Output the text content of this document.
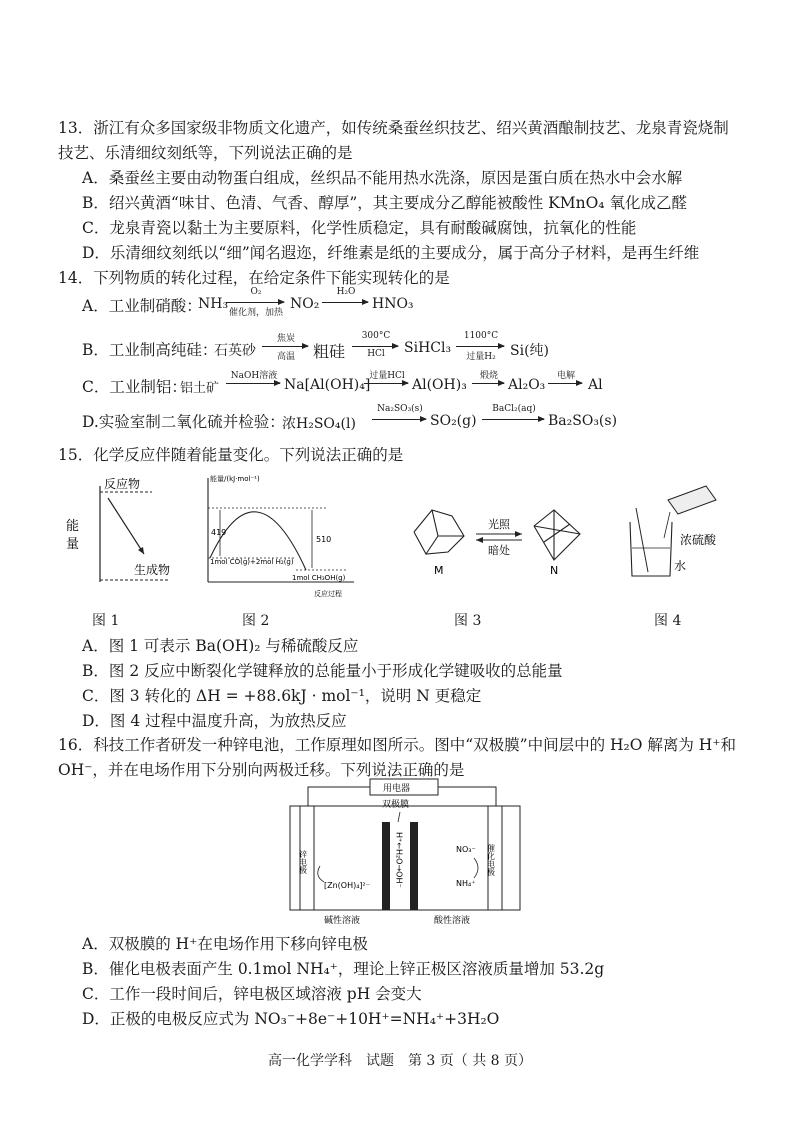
13．浙江有众多国家级非物质文化遗产，如传统桑蚕丝织技艺、绍兴黄酒酿制技艺、龙泉青瓷烧制
技艺、乐清细纹刻纸等，下列说法正确的是
A．桑蚕丝主要由动物蛋白组成，丝织品不能用热水洗涤，原因是蛋白质在热水中会水解
B．绍兴黄酒“味甘、色清、气香、醇厚”，其主要成分乙醇能被酸性 KMnO₄ 氧化成乙醛
C．龙泉青瓷以黏土为主要原料，化学性质稳定，具有耐酸碱腐蚀，抗氧化的性能
D．乐清细纹刻纸以“细”闻名遐迩，纤维素是纸的主要成分，属于高分子材料，是再生纤维
14．下列物质的转化过程，在给定条件下能实现转化的是
A．工业制硝酸：
NH₃
O₂
催化剂，加热
NO₂
H₂O
HNO₃
B．工业制高纯硅：
石英砂
焦炭
高温	粗硅
300°C
HCl	SiHCl₃
1100°C
过量H₂	Si(纯)
C．工业制铝：
铝土矿
NaOH溶液
Na[Al(OH)₄]
过量HCl
Al(OH)₃
煅烧
Al₂O₃
电解
Al
D.实验室制二氧化硫并检验：
浓H₂SO₄(l)
Na₂SO₃(s)
SO₂(g)
BaCl₂(aq)
Ba₂SO₃(s)
15．化学反应伴随着能量变化。下列说法正确的是
能
量
反应物
生成物
图 1
能量/(kJ·mol⁻¹)
419
510
1mol CO(g)+2mol H₂(g)
1mol CH₃OH(g)
反应过程
图 2
光照
暗处
M	N
图 3
浓硫酸
水
图 4
A．图 1 可表示 Ba(OH)₂ 与稀硫酸反应
B．图 2 反应中断裂化学键释放的总能量小于形成化学键吸收的总能量
C．图 3 转化的 ΔH = +88.6kJ · mol⁻¹，说明 N 更稳定
D．图 4 过程中温度升高，为放热反应
16．科技工作者研发一种锌电池，工作原理如图所示。图中“双极膜”中间层中的 H₂O 解离为 H⁺和
OH⁻，并在电场作用下分别向两极迁移。下列说法正确的是
双极膜
用电器
锌电极	催化电极
H⁺←H₂O→OH⁻
[Zn(OH)₄]²⁻
NO₃⁻
NH₄⁺
碱性溶液	酸性溶液
A．双极膜的 H⁺在电场作用下移向锌电极
B．催化电极表面产生 0.1mol NH₄⁺，理论上锌正极区溶液质量增加 53.2g
C．工作一段时间后，锌电极区域溶液 pH 会变大
D．正极的电极反应式为 NO₃⁻+8e⁻+10H⁺=NH₄⁺+3H₂O
高一化学学科　试题　第 3 页（ 共 8 页）
